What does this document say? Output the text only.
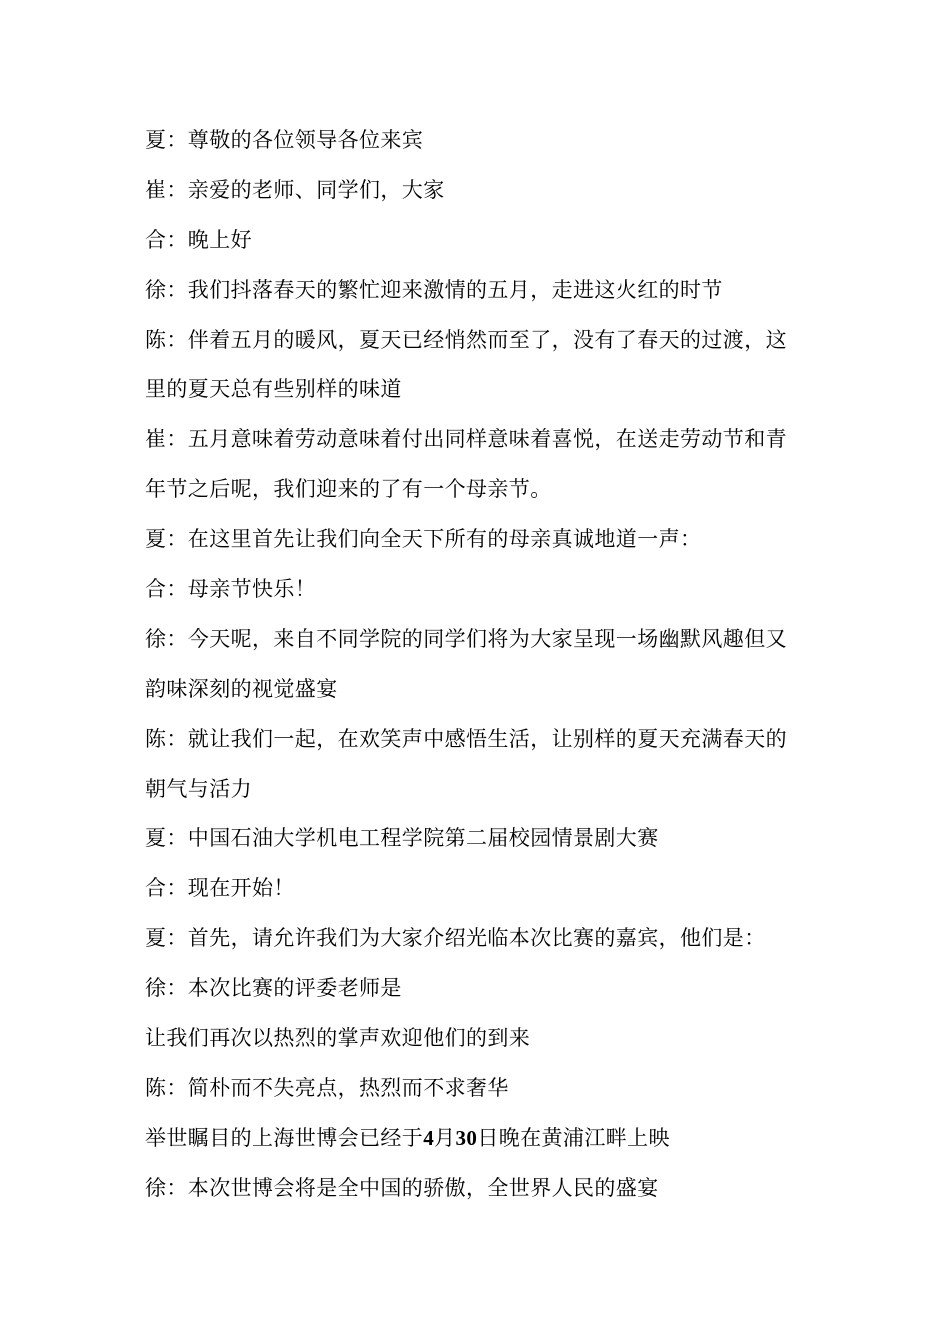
夏：尊敬的各位领导各位来宾
崔：亲爱的老师、同学们，大家
合：晚上好
徐：我们抖落春天的繁忙迎来激情的五月，走进这火红的时节
陈：伴着五月的暖风，夏天已经悄然而至了，没有了春天的过渡，这
里的夏天总有些别样的味道
崔：五月意味着劳动意味着付出同样意味着喜悦，在送走劳动节和青
年节之后呢，我们迎来的了有一个母亲节。
夏：在这里首先让我们向全天下所有的母亲真诚地道一声：
合：母亲节快乐！
徐：今天呢，来自不同学院的同学们将为大家呈现一场幽默风趣但又
韵味深刻的视觉盛宴
陈：就让我们一起，在欢笑声中感悟生活，让别样的夏天充满春天的
朝气与活力
夏：中国石油大学机电工程学院第二届校园情景剧大赛
合：现在开始！
夏：首先，请允许我们为大家介绍光临本次比赛的嘉宾，他们是：
徐：本次比赛的评委老师是
让我们再次以热烈的掌声欢迎他们的到来
陈：简朴而不失亮点，热烈而不求奢华
举世瞩目的上海世博会已经于4月30日晚在黄浦江畔上映
徐：本次世博会将是全中国的骄傲，全世界人民的盛宴
